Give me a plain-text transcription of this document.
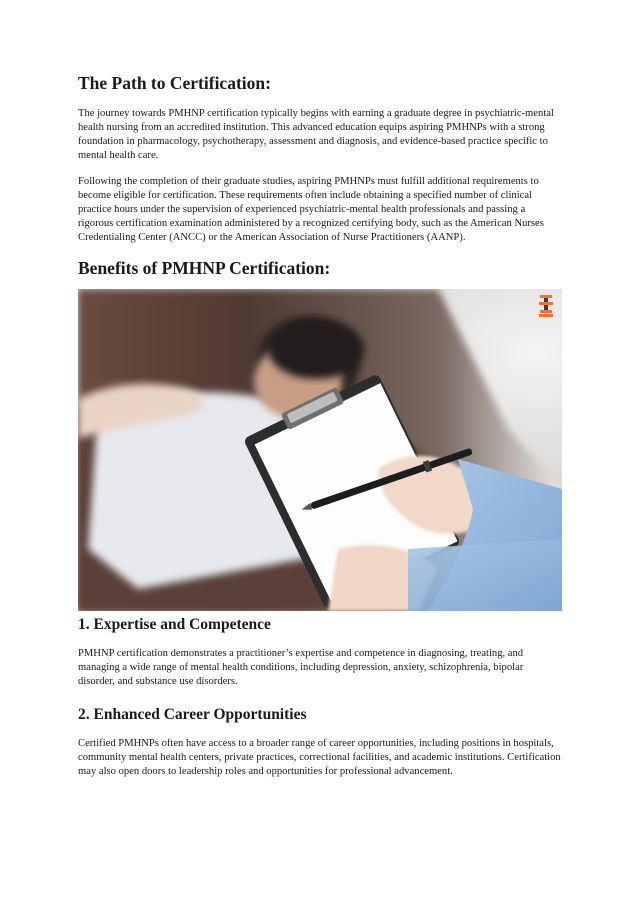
The Path to Certification:

The journey towards PMHNP certification typically begins with earning a graduate degree in psychiatric-mental health nursing from an accredited institution. This advanced education equips aspiring PMHNPs with a strong foundation in pharmacology, psychotherapy, assessment and diagnosis, and evidence-based practice specific to mental health care.

Following the completion of their graduate studies, aspiring PMHNPs must fulfill additional requirements to become eligible for certification. These requirements often include obtaining a specified number of clinical practice hours under the supervision of experienced psychiatric-mental health professionals and passing a rigorous certification examination administered by a recognized certifying body, such as the American Nurses Credentialing Center (ANCC) or the American Association of Nurse Practitioners (AANP).

Benefits of PMHNP Certification:
1. Expertise and Competence

PMHNP certification demonstrates a practitioner’s expertise and competence in diagnosing, treating, and managing a wide range of mental health conditions, including depression, anxiety, schizophrenia, bipolar disorder, and substance use disorders.

2. Enhanced Career Opportunities

Certified PMHNPs often have access to a broader range of career opportunities, including positions in hospitals, community mental health centers, private practices, correctional facilities, and academic institutions. Certification may also open doors to leadership roles and opportunities for professional advancement.
